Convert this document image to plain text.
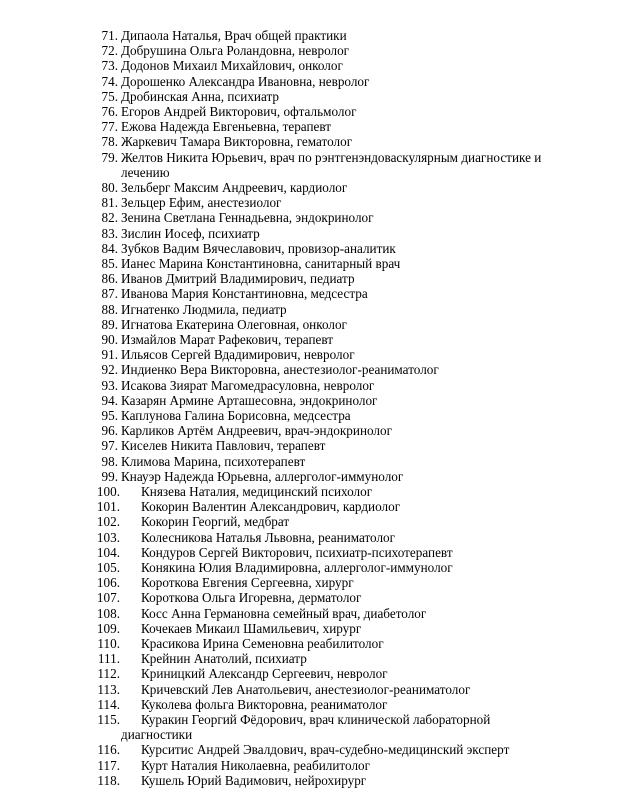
71. Дипаола Наталья, Врач общей практики
72. Добрушина Ольга Роландовна, невролог
73. Додонов Михаил Михайлович, онколог
74. Дорошенко Александра Ивановна, невролог
75. Дробинская Анна, психиатр
76. Егоров Андрей Викторович, офтальмолог
77. Ежова Надежда Евгеньевна, терапевт
78. Жаркевич Тамара Викторовна, гематолог
79. Желтов Никита Юрьевич, врач по рэнтгенэндоваскулярным диагностике и
лечению
80. Зельберг Максим Андреевич, кардиолог
81. Зельцер Ефим, анестезиолог
82. Зенина Светлана Геннадьевна, эндокринолог
83. Зислин Иосеф, психиатр
84. Зубков Вадим Вячеславович, провизор-аналитик
85. Ианес Марина Константиновна, санитарный врач
86. Иванов Дмитрий Владимирович, педиатр
87. Иванова Мария Константиновна, медсестра
88. Игнатенко Людмила, педиатр
89. Игнатова Екатерина Олеговная, онколог
90. Измайлов Марат Рафекович, терапевт
91. Ильясов Сергей Вдадимирович, невролог
92. Индиенко Вера Викторовна, анестезиолог-реаниматолог
93. Исакова Зиярат Магомедрасуловна, невролог
94. Казарян Армине Арташесовна, эндокринолог
95. Каплунова Галина Борисовна, медсестра
96. Карликов Артём Андреевич, врач-эндокринолог
97. Киселев Никита Павлович, терапевт
98. Климова Марина, психотерапевт
99. Кнауэр Надежда Юрьевна, аллерголог-иммунолог
100. Князева Наталия, медицинский психолог
101. Кокорин Валентин Александрович, кардиолог
102. Кокорин Георгий, медбрат
103. Колесникова Наталья Львовна, реаниматолог
104. Кондуров Сергей Викторович, психиатр-психотерапевт
105. Конякина Юлия Владимировна, аллерголог-иммунолог
106. Короткова Евгения Сергеевна, хирург
107. Короткова Ольга Игоревна, дерматолог
108. Косс Анна Германовна семейный врач, диабетолог
109. Кочекаев Микаил Шамильевич, хирург
110. Красикова Ирина Семеновна реабилитолог
111. Крейнин Анатолий, психиатр
112. Криницкий Александр Сергеевич, невролог
113. Кричевский Лев Анатольевич, анестезиолог-реаниматолог
114. Куколева фольга Викторовна, реаниматолог
115. Куракин Георгий Фёдорович, врач клинической лабораторной
диагностики
116. Курситис Андрей Эвалдович, врач-судебно-медицинский эксперт
117. Курт Наталия Николаевна, реабилитолог
118. Кушель Юрий Вадимович, нейрохирург
